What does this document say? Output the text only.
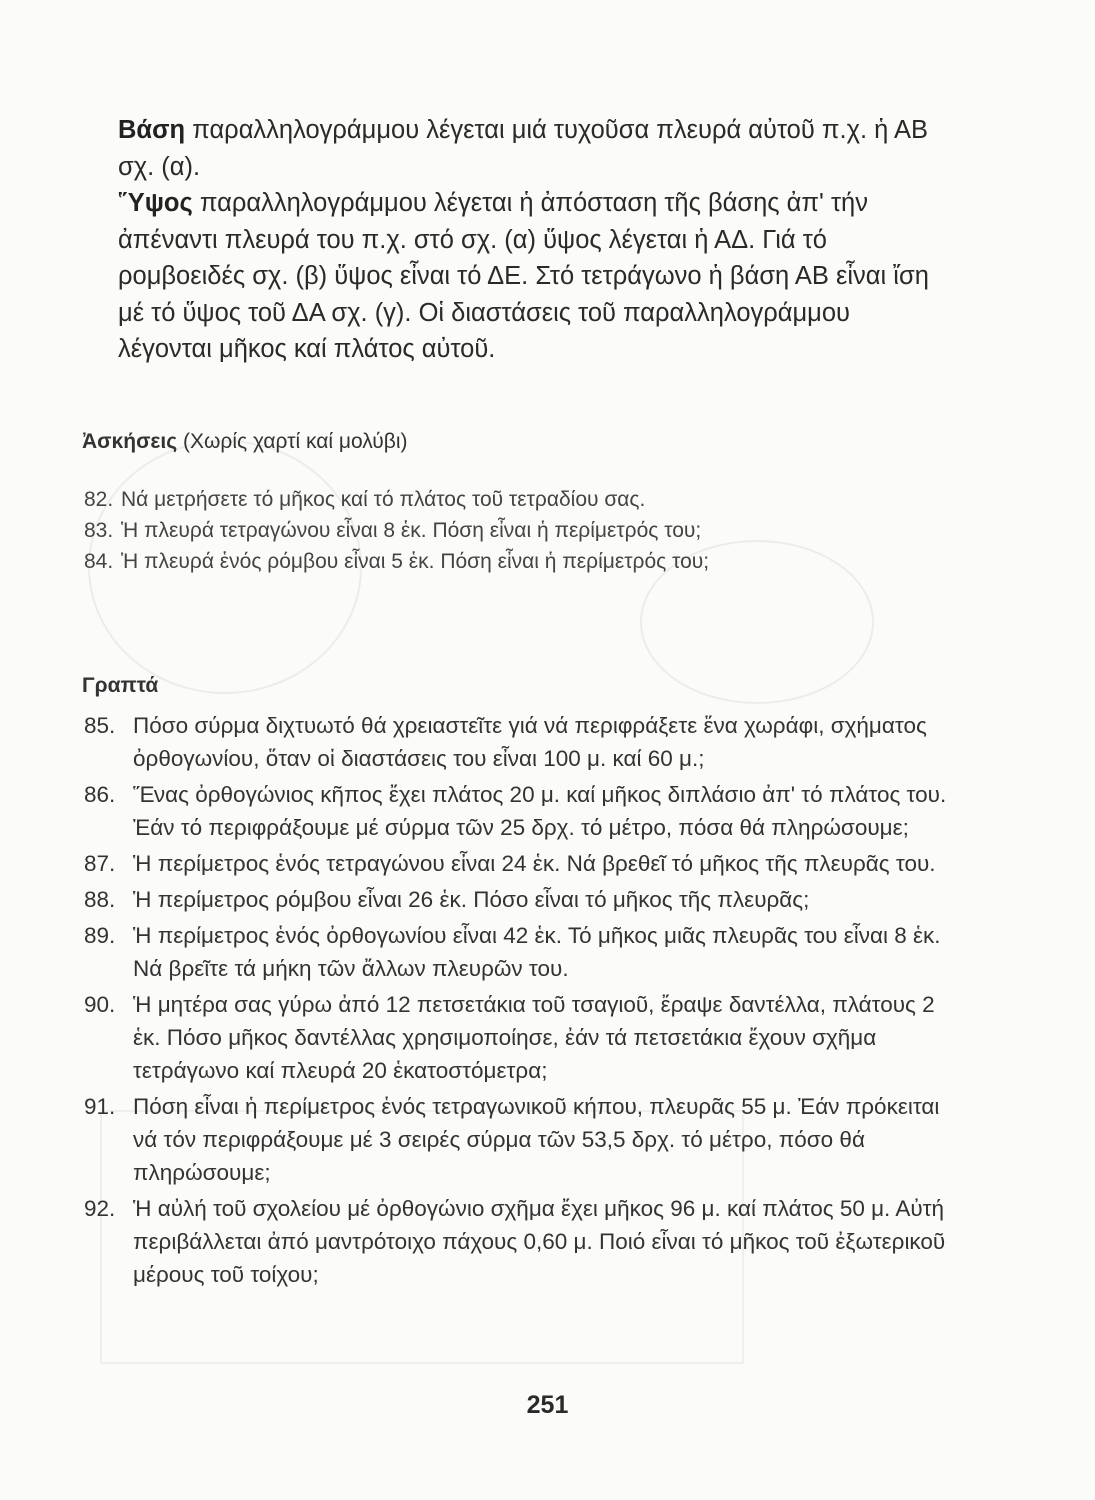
Βάση παραλληλογράμμου λέγεται μιά τυχοῦσα πλευρά αὐτοῦ π.χ. ἡ ΑΒ σχ. (α).

Ὕψος παραλληλογράμμου λέγεται ἡ ἀπόσταση τῆς βάσης ἀπ' τήν ἀπέναντι πλευρά του π.χ. στό σχ. (α) ὕψος λέγεται ἡ ΑΔ. Γιά τό ρομβοειδές σχ. (β) ὕψος εἶναι τό ΔΕ. Στό τετράγωνο ἡ βάση ΑΒ εἶναι ἴση μέ τό ὕψος τοῦ ΔΑ σχ. (γ). Οἱ διαστάσεις τοῦ παραλληλογράμμου λέγονται μῆκος καί πλάτος αὐτοῦ.

Ἀσκήσεις (Χωρίς χαρτί καί μολύβι)
82. Νά μετρήσετε τό μῆκος καί τό πλάτος τοῦ τετραδίου σας.
83. Ἡ πλευρά τετραγώνου εἶναι 8 ἑκ. Πόση εἶναι ἡ περίμετρός του;
84. Ἡ πλευρά ἑνός ρόμβου εἶναι 5 ἑκ. Πόση εἶναι ἡ περίμετρός του;
Γραπτά
85. Πόσο σύρμα διχτυωτό θά χρειαστεῖτε γιά νά περιφράξετε ἕνα χωράφι, σχήματος ὀρθογωνίου, ὅταν οἱ διαστάσεις του εἶναι 100 μ. καί 60 μ.;
86. Ἕνας ὀρθογώνιος κῆπος ἔχει πλάτος 20 μ. καί μῆκος διπλάσιο ἀπ' τό πλάτος του. Ἐάν τό περιφράξουμε μέ σύρμα τῶν 25 δρχ. τό μέτρο, πόσα θά πληρώσουμε;
87. Ἡ περίμετρος ἑνός τετραγώνου εἶναι 24 ἑκ. Νά βρεθεῖ τό μῆκος τῆς πλευρᾶς του.
88. Ἡ περίμετρος ρόμβου εἶναι 26 ἑκ. Πόσο εἶναι τό μῆκος τῆς πλευρᾶς;
89. Ἡ περίμετρος ἑνός ὀρθογωνίου εἶναι 42 ἑκ. Τό μῆκος μιᾶς πλευρᾶς του εἶναι 8 ἑκ. Νά βρεῖτε τά μήκη τῶν ἄλλων πλευρῶν του.
90. Ἡ μητέρα σας γύρω ἀπό 12 πετσετάκια τοῦ τσαγιοῦ, ἔραψε δαντέλλα, πλάτους 2 ἑκ. Πόσο μῆκος δαντέλλας χρησιμοποίησε, ἐάν τά πετσετάκια ἔχουν σχῆμα τετράγωνο καί πλευρά 20 ἑκατοστόμετρα;
91. Πόση εἶναι ἡ περίμετρος ἑνός τετραγωνικοῦ κήπου, πλευρᾶς 55 μ. Ἐάν πρόκειται νά τόν περιφράξουμε μέ 3 σειρές σύρμα τῶν 53,5 δρχ. τό μέτρο, πόσο θά πληρώσουμε;
92. Ἡ αὐλή τοῦ σχολείου μέ ὀρθογώνιο σχῆμα ἔχει μῆκος 96 μ. καί πλάτος 50 μ. Αὐτή περιβάλλεται ἀπό μαντρότοιχο πάχους 0,60 μ. Ποιό εἶναι τό μῆκος τοῦ ἐξωτερικοῦ μέρους τοῦ τοίχου;
251
